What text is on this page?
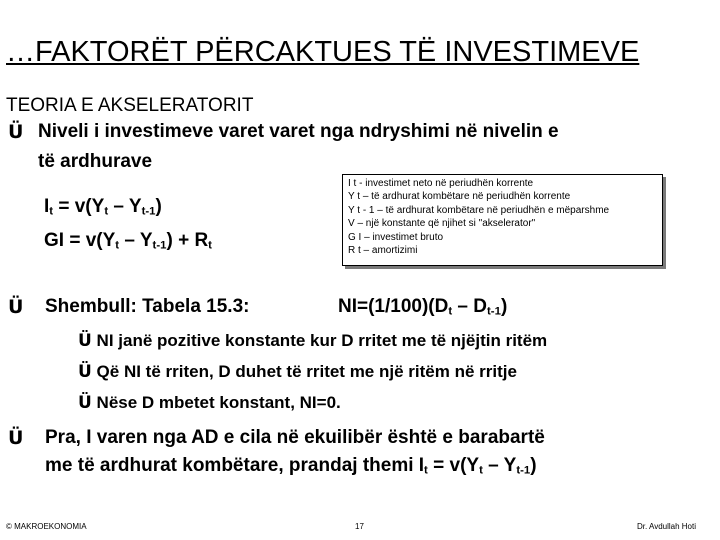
…FAKTORËT PËRCAKTUES TË INVESTIMEVE
TEORIA E AKSELERATORIT
Ü Niveli i investimeve varet varet nga ndryshimi në nivelin e
të ardhurave
$I_t = v(Y_t - Y_{t-1})$
GI = $v(Y_t - Y_{t-1}) + R_t$
I t - investimet neto në periudhën korrente
Y t – të ardhurat kombëtare në periudhën korrente
Y t - 1 – të ardhurat kombëtare në periudhën e mëparshme
V – një konstante që njihet si "akselerator"
G I – investimet bruto
R t – amortizimi
Ü Shembull: Tabela 15.3:	$NI=(1/100)(D_t - D_{t-1})$
Ü NI janë pozitive konstante kur D rritet me të njëjtin ritëm
Ü Që NI të rriten, D duhet të rritet me një ritëm në rritje
Ü Nëse D mbetet konstant, NI=0.
Ü Pra, I varen nga AD e cila në ekuilibër është e barabartë
me të ardhurat kombëtare, prandaj themi $I_t = v(Y_t - Y_{t-1})$
© MAKROEKONOMIA	17	Dr. Avdullah Hoti
